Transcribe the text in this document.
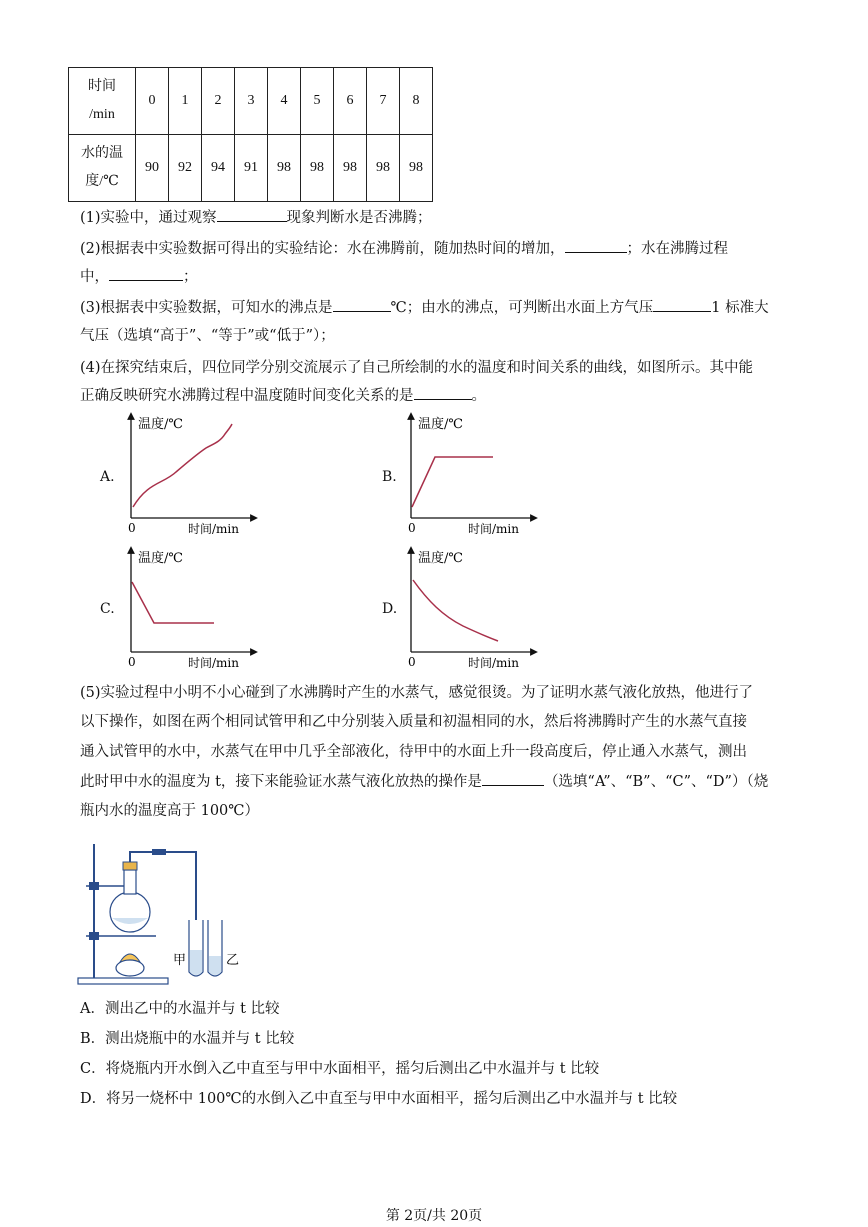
时间
/min	0	1	2	3	4	5	6	7	8

水的温
度/℃	90	92	94	91	98	98	98	98	98
(1)实验中，通过观察	现象判断水是否沸腾；
(2)根据表中实验数据可得出的实验结论：水在沸腾前，随加热时间的增加，	；水在沸腾过程
中，	；
(3)根据表中实验数据，可知水的沸点是	℃；由水的沸点，可判断出水面上方气压	1 标准大
气压（选填“高于”、“等于”或“低于”）；
(4)在探究结束后，四位同学分别交流展示了自己所绘制的水的温度和时间关系的曲线，如图所示。其中能
正确反映研究水沸腾过程中温度随时间变化关系的是	。
A.	B.
C.	D.
温度/℃
0	时间/min
温度/℃
0	时间/min
温度/℃
0	时间/min
温度/℃
0	时间/min
(5)实验过程中小明不小心碰到了水沸腾时产生的水蒸气，感觉很烫。为了证明水蒸气液化放热，他进行了
以下操作，如图在两个相同试管甲和乙中分别装入质量和初温相同的水，然后将沸腾时产生的水蒸气直接
通入试管甲的水中，水蒸气在甲中几乎全部液化，待甲中的水面上升一段高度后，停止通入水蒸气，测出
此时甲中水的温度为 t，接下来能验证水蒸气液化放热的操作是	（选填“A”、“B”、“C”、“D”）（烧
瓶内水的温度高于 100℃）
甲	乙
A．测出乙中的水温并与 t 比较
B．测出烧瓶中的水温并与 t 比较
C．将烧瓶内开水倒入乙中直至与甲中水面相平，摇匀后测出乙中水温并与 t 比较
D．将另一烧杯中 100℃的水倒入乙中直至与甲中水面相平，摇匀后测出乙中水温并与 t 比较
第 2页/共 20页
